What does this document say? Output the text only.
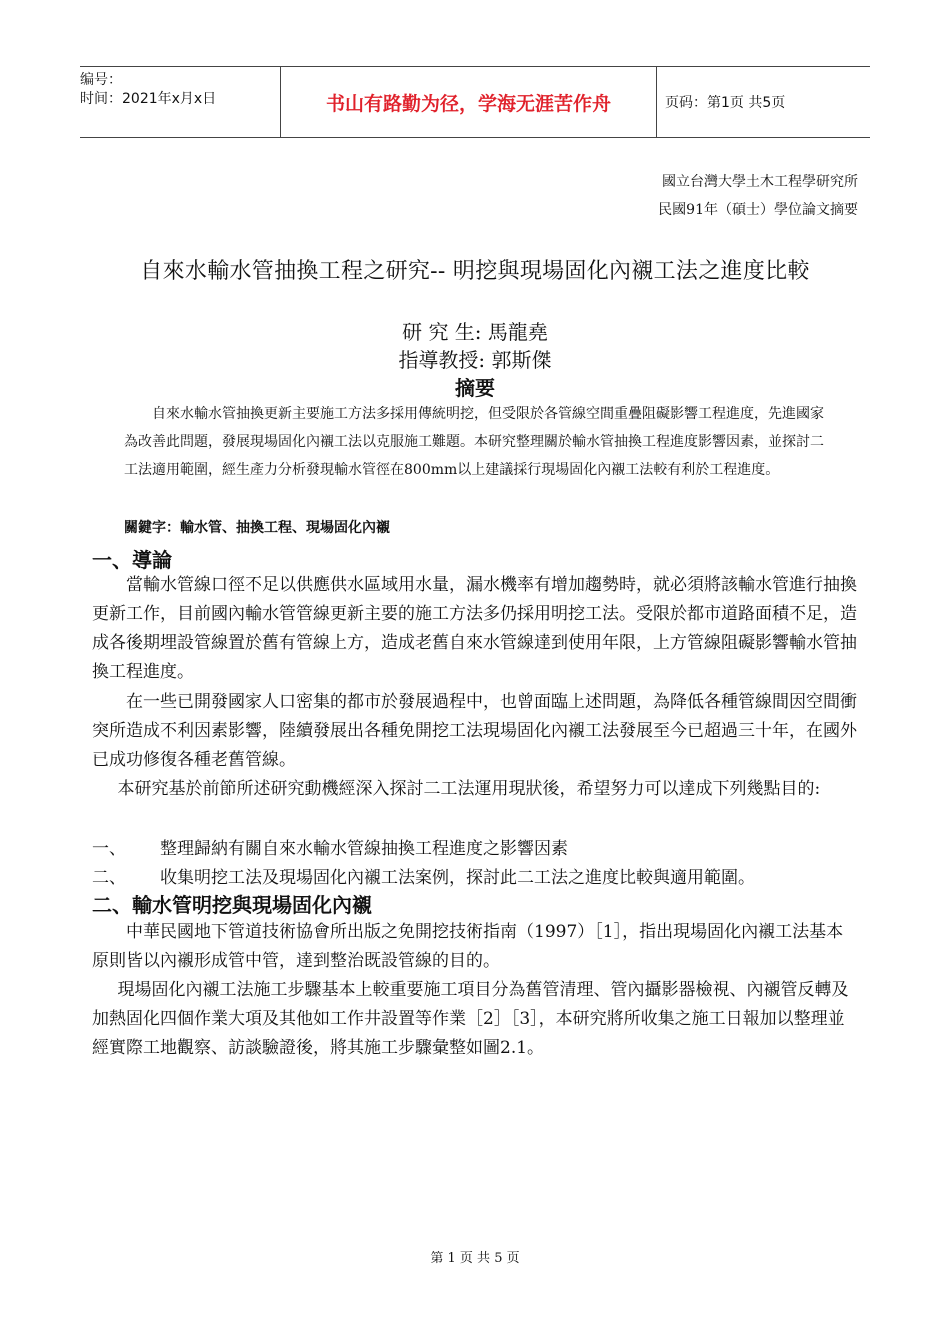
编号：
时间：2021年x月x日	书山有路勤为径，学海无涯苦作舟	页码：第1页 共5页
國立台灣大學土木工程學研究所
民國91年（碩士）學位論文摘要
自來水輸水管抽換工程之研究-- 明挖與現場固化內襯工法之進度比較
研 究 生: 馬龍堯
指導教授: 郭斯傑
摘要
自來水輸水管抽換更新主要施工方法多採用傳統明挖，但受限於各管線空間重疊阻礙影響工程進度，先進國家為改善此問題，發展現場固化內襯工法以克服施工難題。本研究整理關於輸水管抽換工程進度影響因素，並探討二工法適用範圍，經生產力分析發現輸水管徑在800mm以上建議採行現場固化內襯工法較有利於工程進度。
關鍵字：輸水管、抽換工程、現場固化內襯
一、導論
當輸水管線口徑不足以供應供水區域用水量，漏水機率有增加趨勢時，就必須將該輸水管進行抽換更新工作，目前國內輸水管管線更新主要的施工方法多仍採用明挖工法。受限於都市道路面積不足，造成各後期埋設管線置於舊有管線上方，造成老舊自來水管線達到使用年限，上方管線阻礙影響輸水管抽換工程進度。
在一些已開發國家人口密集的都市於發展過程中，也曾面臨上述問題，為降低各種管線間因空間衝突所造成不利因素影響，陸續發展出各種免開挖工法現場固化內襯工法發展至今已超過三十年，在國外已成功修復各種老舊管線。
本研究基於前節所述研究動機經深入探討二工法運用現狀後，希望努力可以達成下列幾點目的:
一、 整理歸納有關自來水輸水管線抽換工程進度之影響因素
二、 收集明挖工法及現場固化內襯工法案例，探討此二工法之進度比較與適用範圍。
二、輸水管明挖與現場固化內襯
中華民國地下管道技術協會所出版之免開挖技術指南（1997）［1］，指出現場固化內襯工法基本原則皆以內襯形成管中管，達到整治既設管線的目的。
現場固化內襯工法施工步驟基本上較重要施工項目分為舊管清理、管內攝影器檢視、內襯管反轉及加熱固化四個作業大項及其他如工作井設置等作業［2］［3］，本研究將所收集之施工日報加以整理並經實際工地觀察、訪談驗證後，將其施工步驟彙整如圖2.1。
第 1 页 共 5 页
